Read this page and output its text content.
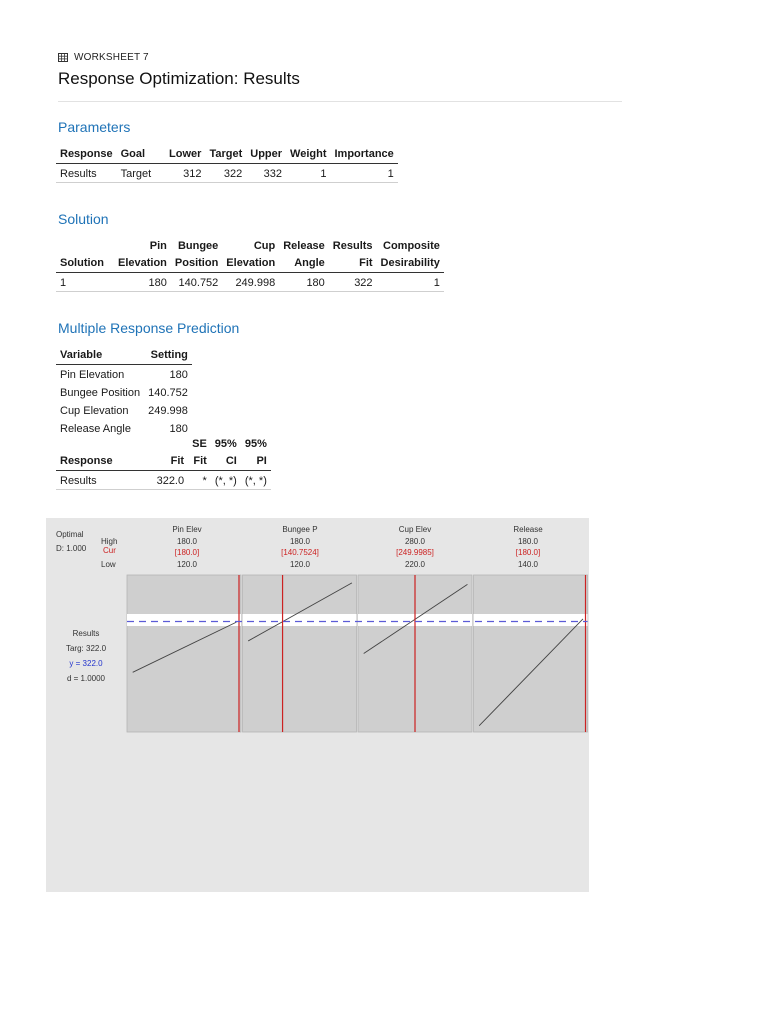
WORKSHEET 7
Response Optimization: Results
Parameters
Response	Goal	Lower	Target	Upper	Weight	Importance
Results	Target	312	322	332	1	1
Solution
	Pin	Bungee	Cup	Release	Results	Composite
Solution	Elevation	Position	Elevation	Angle	Fit	Desirability
1	180	140.752	249.998	180	322	1
Multiple Response Prediction
Variable	Setting
Pin Elevation	180
Bungee Position	140.752
Cup Elevation	249.998
Release Angle	180
		SE	95%	95%
Response	Fit	Fit	CI	PI
Results	322.0	*	(*, *)	(*, *)
Optimal
D: 1.000
High
Cur
Low
Results
Targ: 322.0
y = 322.0
d = 1.0000
Pin Elev
180.0
[180.0]
120.0
Bungee P
180.0
[140.7524]
120.0
Cup Elev
280.0
[249.9985]
220.0
Release
180.0
[180.0]
140.0
